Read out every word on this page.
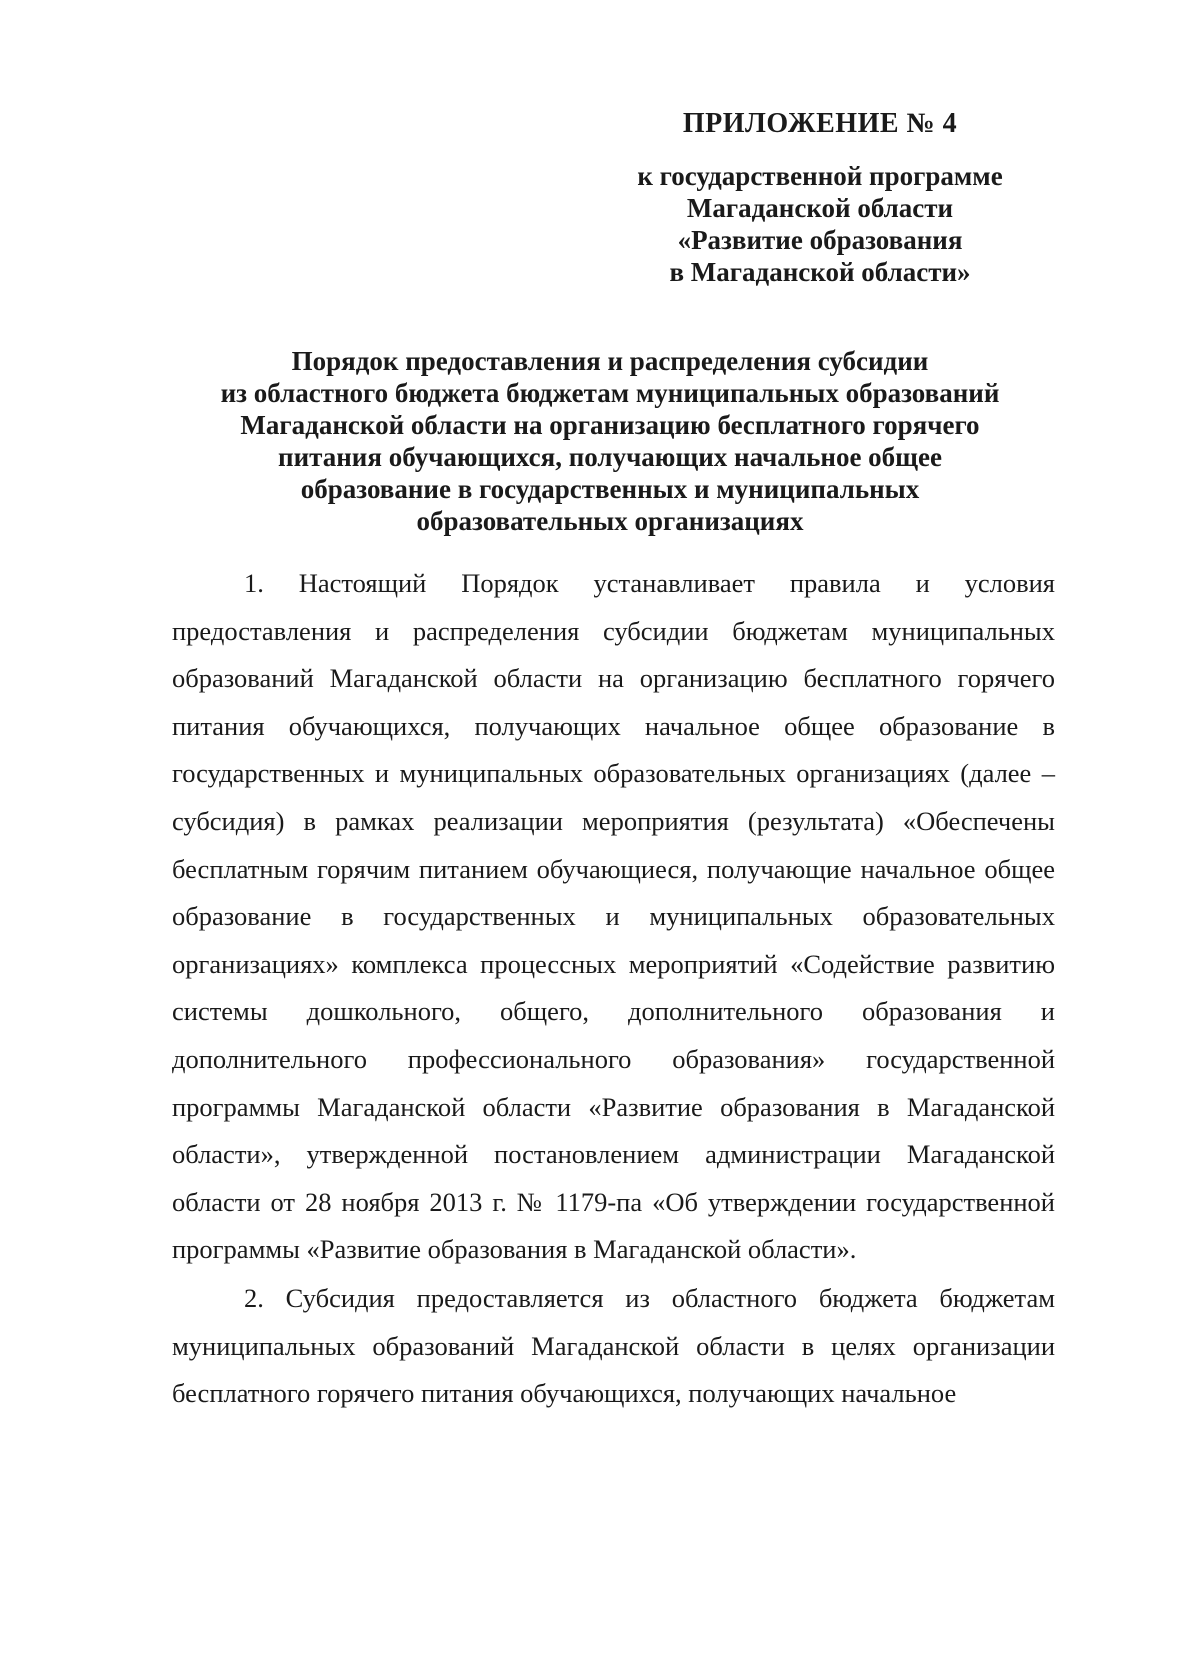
ПРИЛОЖЕНИЕ № 4
к государственной программе
Магаданской области
«Развитие образования
в Магаданской области»
Порядок предоставления и распределения субсидии
из областного бюджета бюджетам муниципальных образований
Магаданской области на организацию бесплатного горячего
питания обучающихся, получающих начальное общее
образование в государственных и муниципальных
образовательных организациях

1. Настоящий Порядок устанавливает правила и условия предоставления и распределения субсидии бюджетам муниципальных образований Магаданской области на организацию бесплатного горячего питания обучающихся, получающих начальное общее образование в государственных и муниципальных образовательных организациях (далее – субсидия) в рамках реализации мероприятия (результата) «Обеспечены бесплатным горячим питанием обучающиеся, получающие начальное общее образование в государственных и муниципальных образовательных организациях» комплекса процессных мероприятий «Содействие развитию системы дошкольного, общего, дополнительного образования и дополнительного профессионального образования» государственной программы Магаданской области «Развитие образования в Магаданской области», утвержденной постановлением администрации Магаданской области от 28 ноября 2013 г. № 1179-па «Об утверждении государственной программы «Развитие образования в Магаданской области».

2. Субсидия предоставляется из областного бюджета бюджетам муниципальных образований Магаданской области в целях организации бесплатного горячего питания обучающихся, получающих начальное
